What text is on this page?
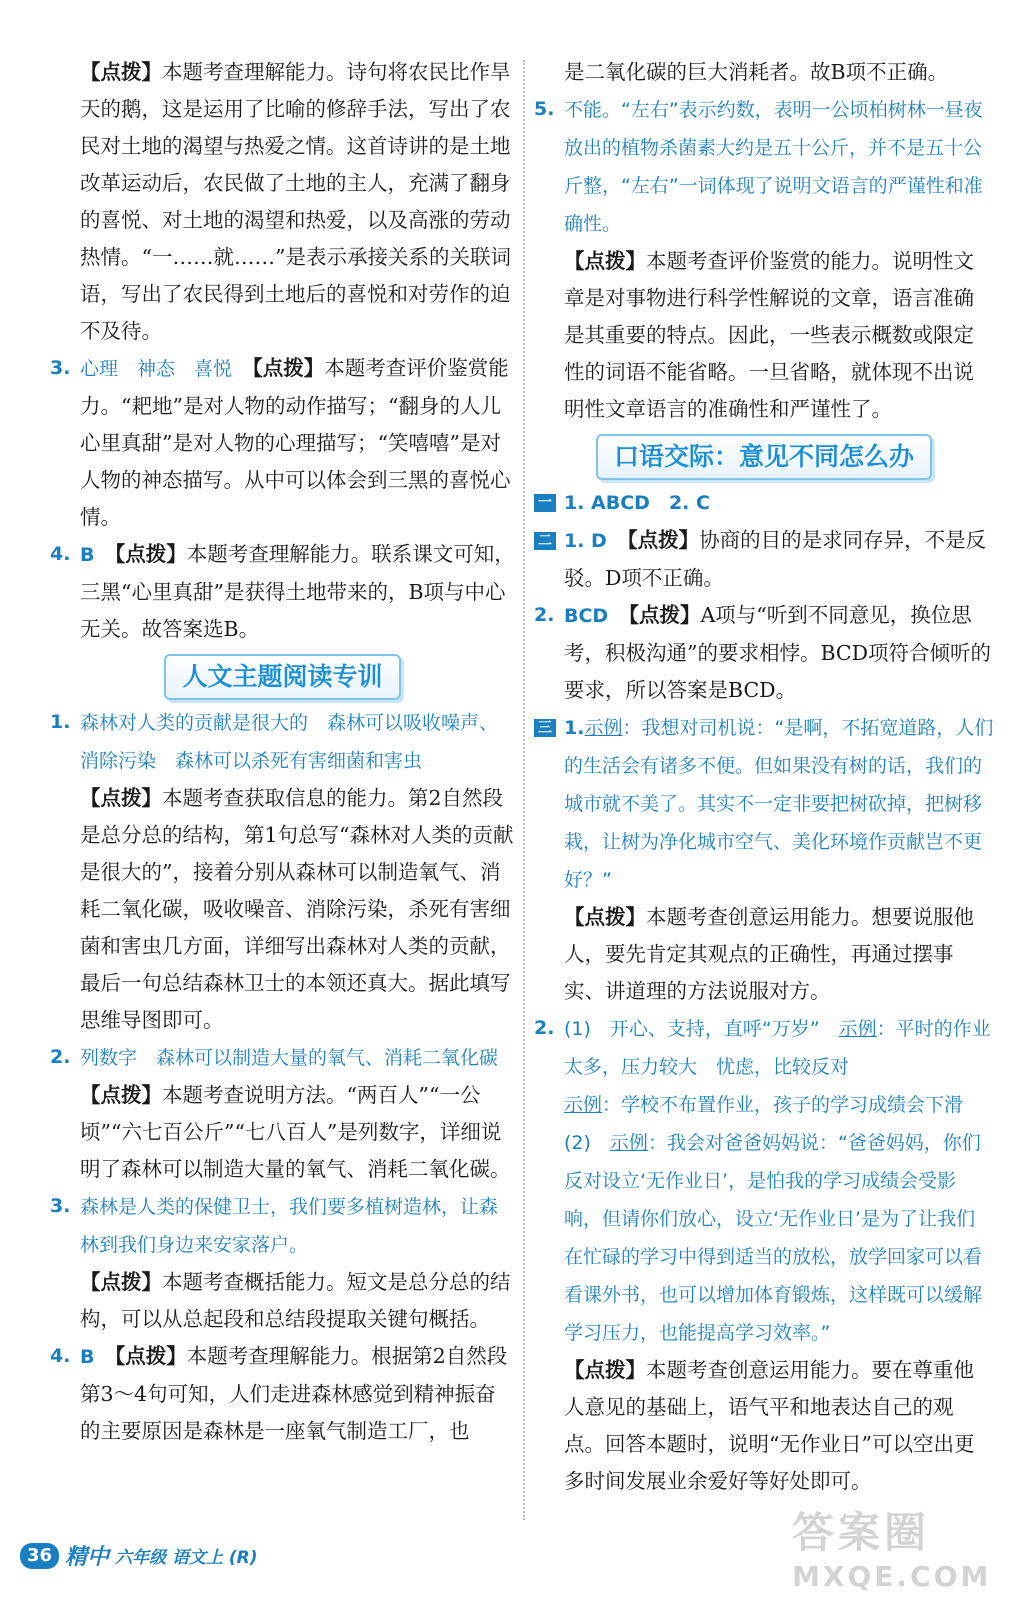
【点拨】本题考查理解能力。诗句将农民比作旱天的鹅，这是运用了比喻的修辞手法，写出了农民对土地的渴望与热爱之情。这首诗讲的是土地改革运动后，农民做了土地的主人，充满了翻身的喜悦、对土地的渴望和热爱，以及高涨的劳动热情。“一……就……”是表示承接关系的关联词语，写出了农民得到土地后的喜悦和对劳作的迫不及待。

3. 心理　神态　喜悦　 【点拨】本题考查评价鉴赏能力。“耙地”是对人物的动作描写；“翻身的人儿心里真甜”是对人物的心理描写；“笑嘻嘻”是对人物的神态描写。从中可以体会到三黑的喜悦心情。

4. B　 【点拨】本题考查理解能力。联系课文可知，三黑“心里真甜”是获得土地带来的，B项与中心无关。故答案选B。

人文主题阅读专训

1. 森林对人类的贡献是很大的　森林可以吸收噪声、消除污染　森林可以杀死有害细菌和害虫

【点拨】本题考查获取信息的能力。第2自然段是总分总的结构，第1句总写“森林对人类的贡献是很大的”，接着分别从森林可以制造氧气、消耗二氧化碳，吸收噪音、消除污染，杀死有害细菌和害虫几方面，详细写出森林对人类的贡献，最后一句总结森林卫士的本领还真大。据此填写思维导图即可。

2. 列数字　森林可以制造大量的氧气、消耗二氧化碳

【点拨】本题考查说明方法。“两百人”“一公顷”“六七百公斤”“七八百人”是列数字，详细说明了森林可以制造大量的氧气、消耗二氧化碳。

3. 森林是人类的保健卫士，我们要多植树造林，让森林到我们身边来安家落户。

【点拨】本题考查概括能力。短文是总分总的结构，可以从总起段和总结段提取关键句概括。

4. B　 【点拨】本题考查理解能力。根据第2自然段第3～4句可知，人们走进森林感觉到精神振奋的主要原因是森林是一座氧气制造工厂，也

是二氧化碳的巨大消耗者。故B项不正确。

5. 不能。“左右”表示约数，表明一公顷柏树林一昼夜放出的植物杀菌素大约是五十公斤，并不是五十公斤整，“左右”一词体现了说明文语言的严谨性和准确性。

【点拨】本题考查评价鉴赏的能力。说明性文章是对事物进行科学性解说的文章，语言准确是其重要的特点。因此，一些表示概数或限定性的词语不能省略。一旦省略，就体现不出说明性文章语言的准确性和严谨性了。

口语交际：意见不同怎么办

一 1. ABCD　2. C

二 1. D　 【点拨】协商的目的是求同存异，不是反驳。D项不正确。

2. BCD　 【点拨】A项与“听到不同意见，换位思考，积极沟通”的要求相悖。BCD项符合倾听的要求，所以答案是BCD。

三 1.示例：我想对司机说：“是啊，不拓宽道路，人们的生活会有诸多不便。但如果没有树的话，我们的城市就不美了。其实不一定非要把树砍掉，把树移栽，让树为净化城市空气、美化环境作贡献岂不更好？”

【点拨】本题考查创意运用能力。想要说服他人，要先肯定其观点的正确性，再通过摆事实、讲道理的方法说服对方。

2. (1)　开心、支持，直呼“万岁”　示例：平时的作业太多，压力较大　忧虑，比较反对
示例：学校不布置作业，孩子的学习成绩会下滑
(2)　示例：我会对爸爸妈妈说：“爸爸妈妈，你们反对设立‘无作业日’，是怕我的学习成绩会受影响，但请你们放心，设立‘无作业日’是为了让我们在忙碌的学习中得到适当的放松，放学回家可以看看课外书，也可以增加体育锻炼，这样既可以缓解学习压力，也能提高学习效率。”

【点拨】本题考查创意运用能力。要在尊重他人意见的基础上，语气平和地表达自己的观点。回答本题时，说明“无作业日”可以空出更多时间发展业余爱好等好处即可。

36 精中 六年级 语文上 (R)
答案圈
MXQE.COM
